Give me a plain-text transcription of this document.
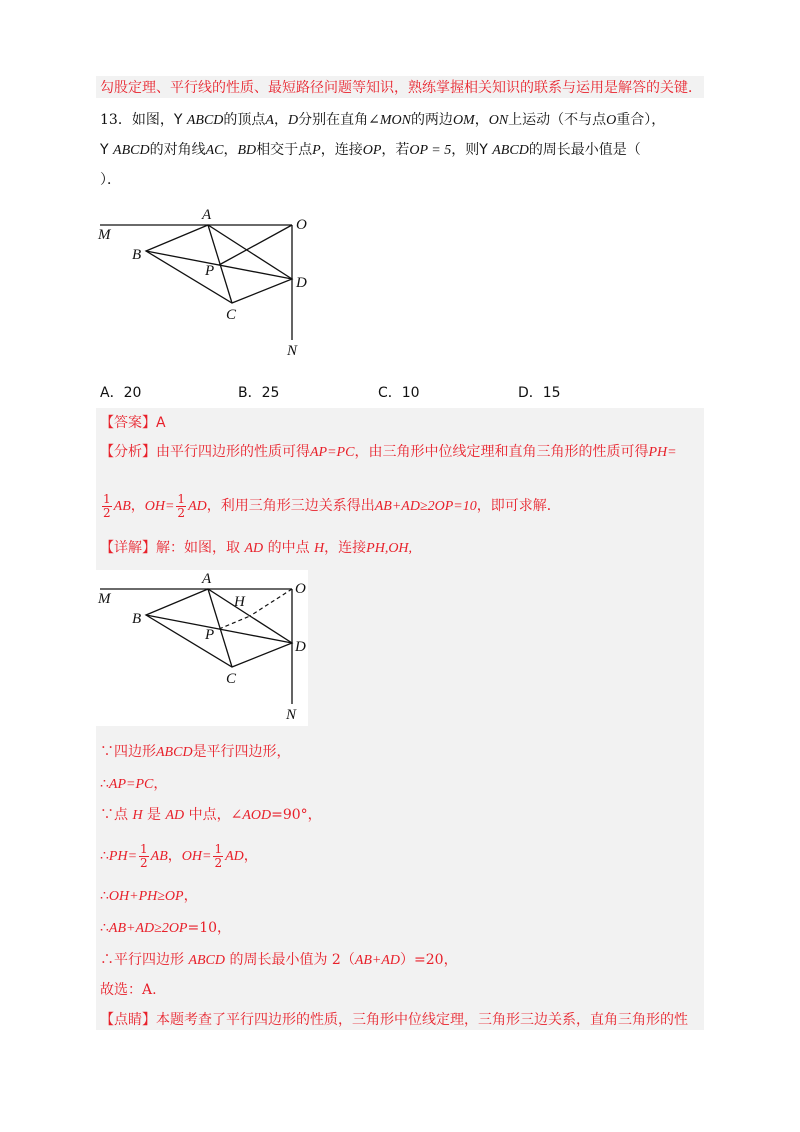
勾股定理、平行线的性质、最短路径问题等知识，熟练掌握相关知识的联系与运用是解答的关键．
13．如图，Y ABCD的顶点A，D分别在直角∠MON的两边OM，ON上运动（不与点O重合），
Y ABCD的对角线AC，BD相交于点P，连接OP，若OP = 5，则Y ABCD的周长最小值是（
）．
M
A
O
B
P
D
C
N
A．20	B．25	C．10	D．15
【答案】A
【分析】由平行四边形的性质可得AP=PC，由三角形中位线定理和直角三角形的性质可得PH=
$\frac{1}{2}$ AB，$OH= \frac{1}{2}$ AD，利用三角形三边关系得出AB+AD≥2OP=10，即可求解．
【详解】解：如图，取 AD 的中点 H，连接PH,OH,
M
A
O
H
B
P
D
C
N
∵四边形ABCD是平行四边形，
∴AP=PC，
∵点 H 是 AD 中点，∠AOD=90°，
∴PH= $\frac{1}{2}$ AB，$OH= \frac{1}{2}$ AD，
∴OH+PH≥OP，
∴AB+AD≥2OP=10，
∴平行四边形 ABCD 的周长最小值为 2（AB+AD）=20，
故选：A.
【点睛】本题考查了平行四边形的性质，三角形中位线定理，三角形三边关系，直角三角形的性
